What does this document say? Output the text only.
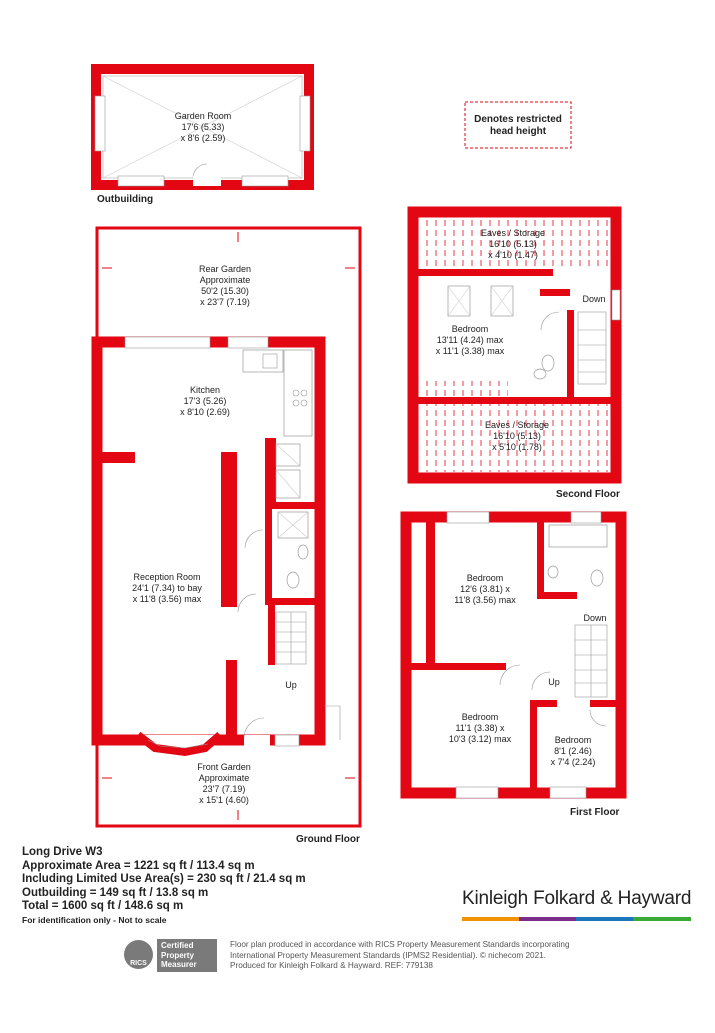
Denotes restricted
head height
Garden Room
17'6 (5.33)
x 8'6 (2.59)
Outbuilding
Up
Rear Garden
Approximate
50'2 (15.30)
x 23'7 (7.19)
Kitchen
17'3 (5.26)
x 8'10 (2.69)
Reception Room
24'1 (7.34) to bay
x 11'8 (3.56) max
Front Garden
Approximate
23'7 (7.19)
x 15'1 (4.60)
Ground Floor
Down
Eaves / Storage
16'10 (5.13)
x 4'10 (1.47)
Bedroom
13'11 (4.24) max
x 11'1 (3.38) max
Eaves / Storage
16'10 (5.13)
x 5'10 (1.78)
Second Floor
Down
Up
Bedroom
12'6 (3.81) x
11'8 (3.56) max
Bedroom
11'1 (3.38) x
10'3 (3.12) max	Bedroom
8'1 (2.46)
x 7'4 (2.24)
First Floor
Long Drive W3
Approximate Area = 1221 sq ft / 113.4 sq m
Including Limited Use Area(s) = 230 sq ft / 21.4 sq m
Outbuilding = 149 sq ft / 13.8 sq m
Total = 1600 sq ft / 148.6 sq m
For identification only - Not to scale
Kinleigh Folkard & Hayward
RICS
Certified
Property
Measurer
Floor plan produced in accordance with RICS Property Measurement Standards incorporating
International Property Measurement Standards (IPMS2 Residential). © nichecom 2021.
Produced for Kinleigh Folkard & Hayward. REF: 779138
